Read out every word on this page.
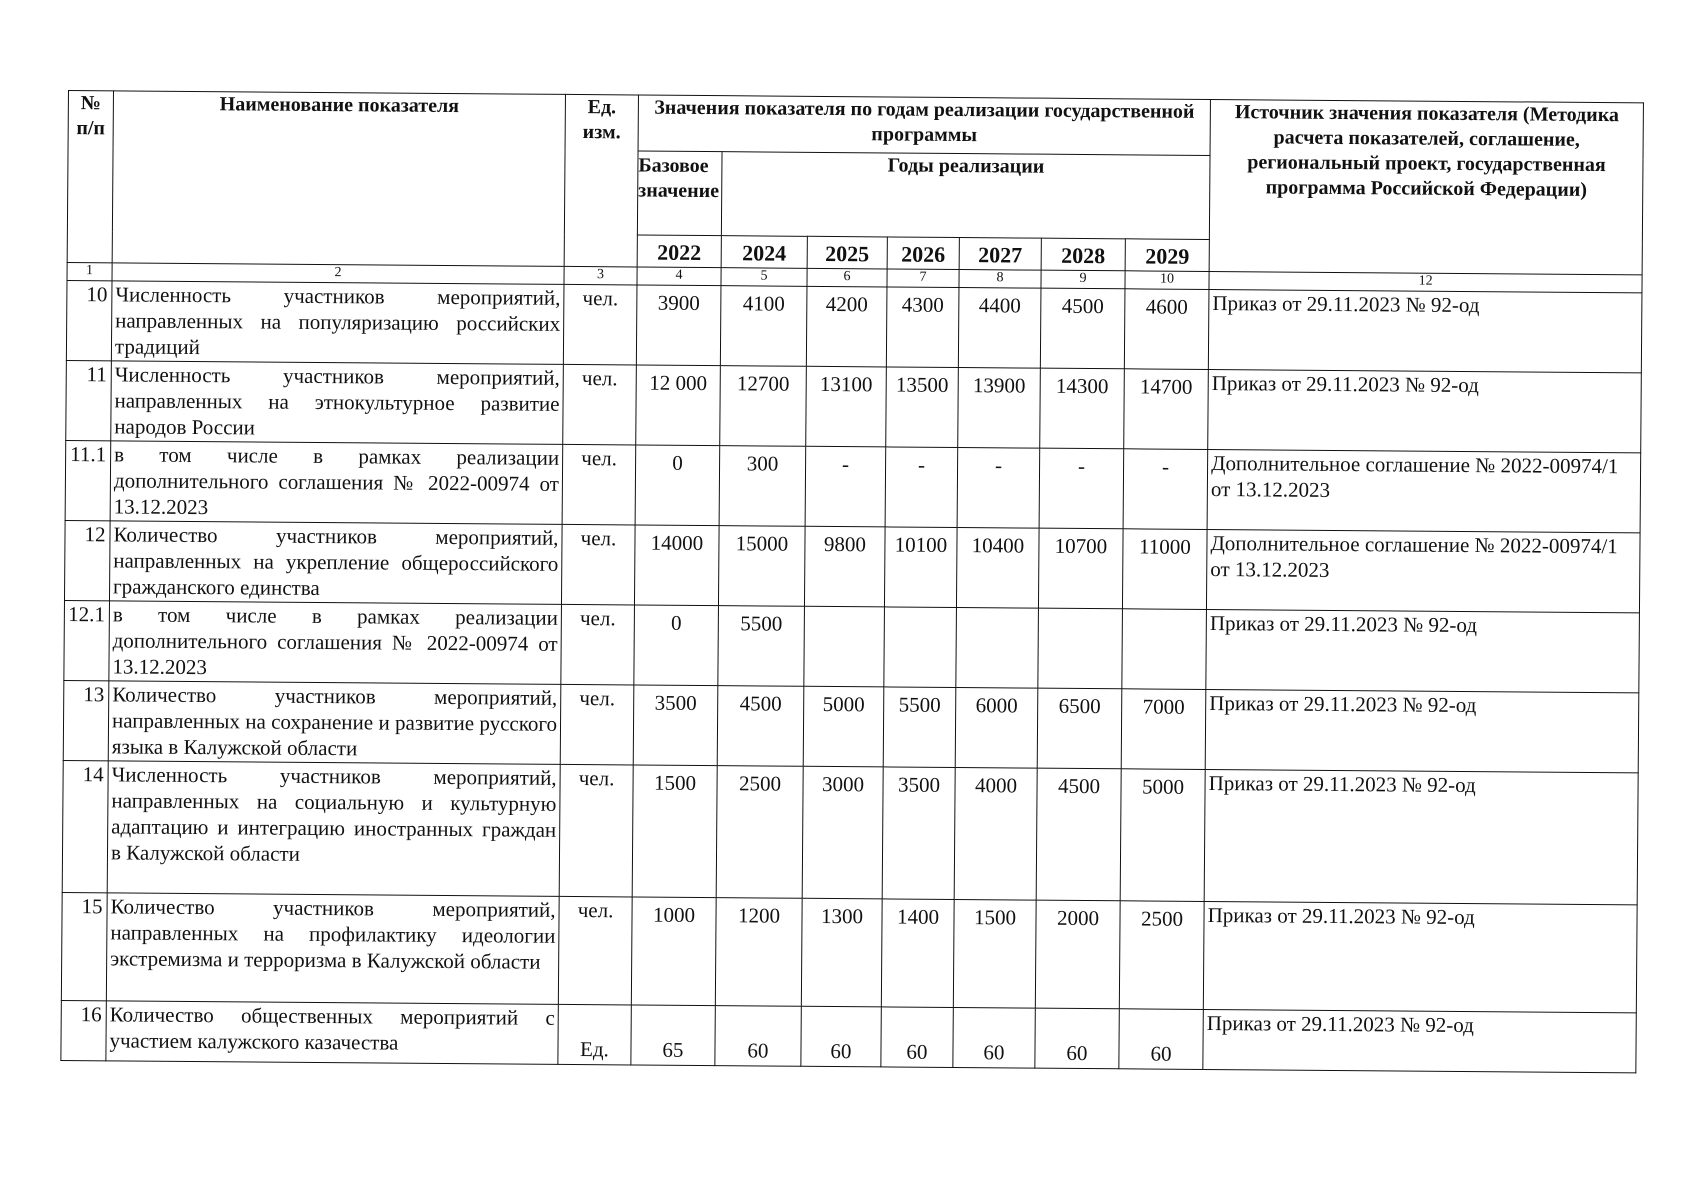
№ п/п	Наименование показателя	Ед. изм.	Значения показателя по годам реализации государственной программы							Источник значения показателя (Методика расчета показателей, соглашение, региональный проект, государственная программа Российской Федерации)
			Базовое значение	Годы реализации						
			2022	2024	2025	2026	2027	2028	2029	
1	2	3	4	5	6	7	8	9	10	12
10	Численность участников мероприятий, направленных на популяризацию российских традиций	чел.	3900	4100	4200	4300	4400	4500	4600	Приказ от 29.11.2023 № 92-од
11	Численность участников мероприятий, направленных на этнокультурное развитие народов России	чел.	12 000	12700	13100	13500	13900	14300	14700	Приказ от 29.11.2023 № 92-од
11.1	в том числе в рамках реализации дополнительного соглашения № 2022-00974 от 13.12.2023	чел.	0	300	-	-	-	-	-	Дополнительное соглашение № 2022-00974/1 от 13.12.2023
12	Количество участников мероприятий, направленных на укрепление общероссийского гражданского единства	чел.	14000	15000	9800	10100	10400	10700	11000	Дополнительное соглашение № 2022-00974/1 от 13.12.2023
12.1	в том числе в рамках реализации дополнительного соглашения № 2022-00974 от 13.12.2023	чел.	0	5500						Приказ от 29.11.2023 № 92-од
13	Количество участников мероприятий, направленных на сохранение и развитие русского языка в Калужской области	чел.	3500	4500	5000	5500	6000	6500	7000	Приказ от 29.11.2023 № 92-од
14	Численность участников мероприятий, направленных на социальную и культурную адаптацию и интеграцию иностранных граждан в Калужской области	чел.	1500	2500	3000	3500	4000	4500	5000	Приказ от 29.11.2023 № 92-од
15	Количество участников мероприятий, направленных на профилактику идеологии экстремизма и терроризма в Калужской области	чел.	1000	1200	1300	1400	1500	2000	2500	Приказ от 29.11.2023 № 92-од
16	Количество общественных мероприятий с участием калужского казачества	Ед.	65	60	60	60	60	60	60	Приказ от 29.11.2023 № 92-од
